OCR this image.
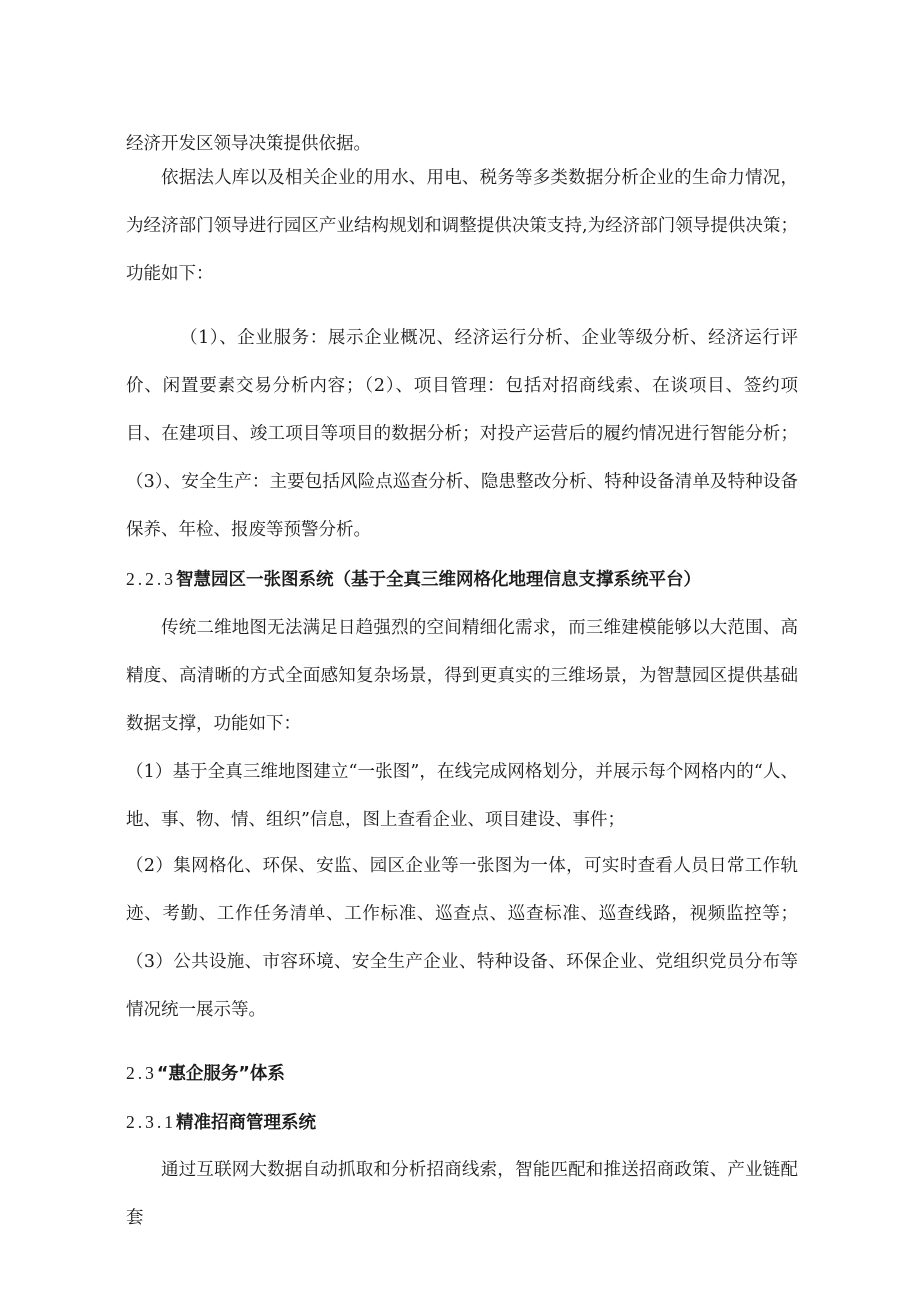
经济开发区领导决策提供依据。

依据法人库以及相关企业的用水、用电、税务等多类数据分析企业的生命力情况，为经济部门领导进行园区产业结构规划和调整提供决策支持,为经济部门领导提供决策；功能如下：

（1）、企业服务：展示企业概况、经济运行分析、企业等级分析、经济运行评价、闲置要素交易分析内容；（2）、项目管理：包括对招商线索、在谈项目、签约项目、在建项目、竣工项目等项目的数据分析；对投产运营后的履约情况进行智能分析；（3）、安全生产：主要包括风险点巡查分析、隐患整改分析、特种设备清单及特种设备保养、年检、报废等预警分析。

2.2.3智慧园区一张图系统（基于全真三维网格化地理信息支撑系统平台）

传统二维地图无法满足日趋强烈的空间精细化需求，而三维建模能够以大范围、高精度、高清晰的方式全面感知复杂场景，得到更真实的三维场景，为智慧园区提供基础数据支撑，功能如下：

（1）基于全真三维地图建立“一张图”，在线完成网格划分，并展示每个网格内的“人、地、事、物、情、组织”信息，图上查看企业、项目建设、事件；

（2）集网格化、环保、安监、园区企业等一张图为一体，可实时查看人员日常工作轨迹、考勤、工作任务清单、工作标准、巡查点、巡查标准、巡查线路，视频监控等；（3）公共设施、市容环境、安全生产企业、特种设备、环保企业、党组织党员分布等情况统一展示等。

2.3“惠企服务”体系
2.3.1精准招商管理系统

通过互联网大数据自动抓取和分析招商线索，智能匹配和推送招商政策、产业链配套
